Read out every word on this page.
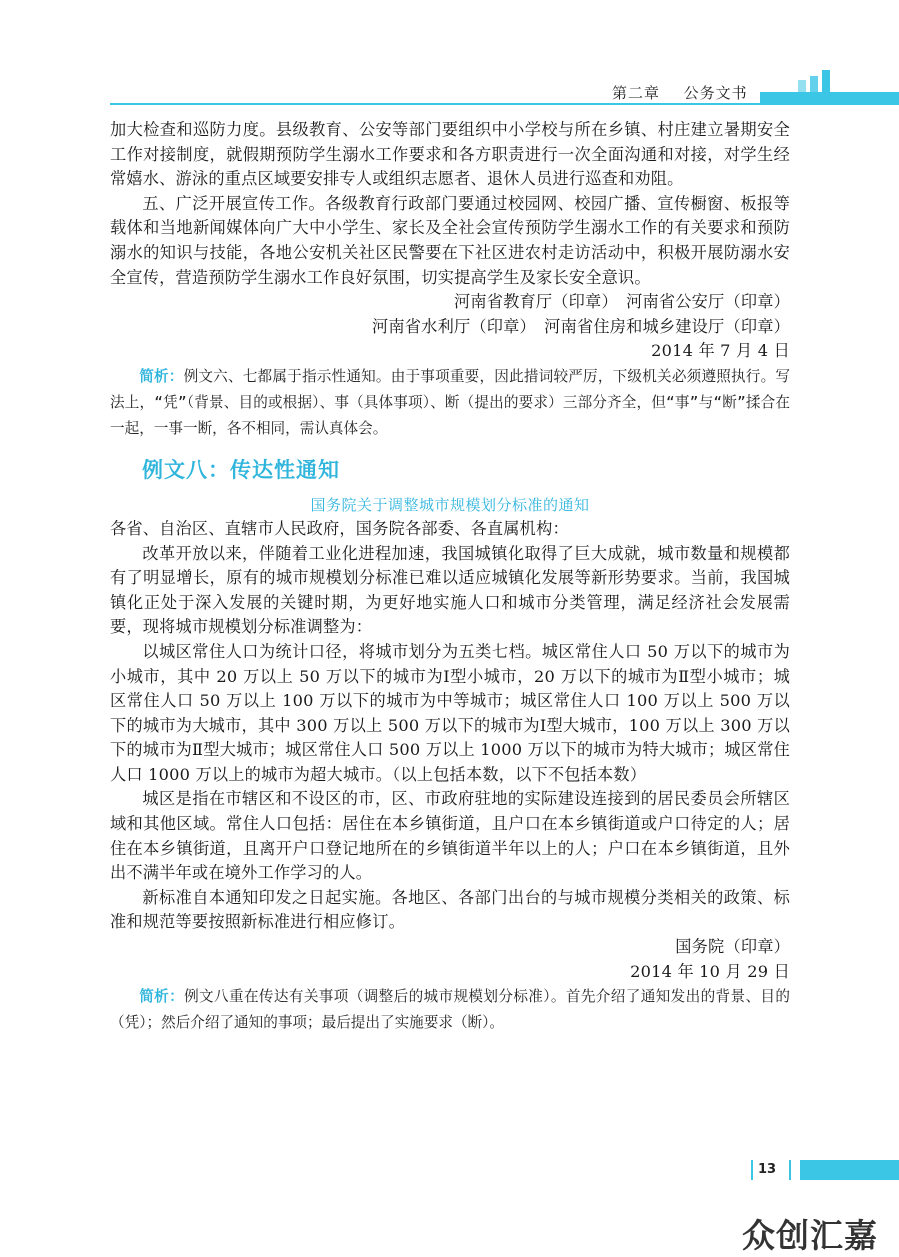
第二章 公务文书

加大检查和巡防力度。县级教育、公安等部门要组织中小学校与所在乡镇、村庄建立暑期安全工作对接制度，就假期预防学生溺水工作要求和各方职责进行一次全面沟通和对接，对学生经常嬉水、游泳的重点区域要安排专人或组织志愿者、退休人员进行巡查和劝阻。

五、广泛开展宣传工作。各级教育行政部门要通过校园网、校园广播、宣传橱窗、板报等载体和当地新闻媒体向广大中小学生、家长及全社会宣传预防学生溺水工作的有关要求和预防溺水的知识与技能，各地公安机关社区民警要在下社区进农村走访活动中，积极开展防溺水安全宣传，营造预防学生溺水工作良好氛围，切实提高学生及家长安全意识。

河南省教育厅（印章）　河南省公安厅（印章）

河南省水利厅（印章）　河南省住房和城乡建设厅（印章）

2014 年 7 月 4 日

简析：例文六、七都属于指示性通知。由于事项重要，因此措词较严厉，下级机关必须遵照执行。写法上，“凭”（背景、目的或根据）、事（具体事项）、断（提出的要求）三部分齐全，但“事”与“断”揉合在一起，一事一断，各不相同，需认真体会。

例文八：传达性通知
国务院关于调整城市规模划分标准的通知

各省、自治区、直辖市人民政府，国务院各部委、各直属机构：

改革开放以来，伴随着工业化进程加速，我国城镇化取得了巨大成就，城市数量和规模都有了明显增长，原有的城市规模划分标准已难以适应城镇化发展等新形势要求。当前，我国城镇化正处于深入发展的关键时期，为更好地实施人口和城市分类管理，满足经济社会发展需要，现将城市规模划分标准调整为：

以城区常住人口为统计口径，将城市划分为五类七档。城区常住人口 50 万以下的城市为小城市，其中 20 万以上 50 万以下的城市为Ⅰ型小城市，20 万以下的城市为Ⅱ型小城市；城区常住人口 50 万以上 100 万以下的城市为中等城市；城区常住人口 100 万以上 500 万以下的城市为大城市，其中 300 万以上 500 万以下的城市为Ⅰ型大城市，100 万以上 300 万以下的城市为Ⅱ型大城市；城区常住人口 500 万以上 1000 万以下的城市为特大城市；城区常住人口 1000 万以上的城市为超大城市。（以上包括本数，以下不包括本数）

城区是指在市辖区和不设区的市，区、市政府驻地的实际建设连接到的居民委员会所辖区域和其他区域。常住人口包括：居住在本乡镇街道，且户口在本乡镇街道或户口待定的人；居住在本乡镇街道，且离开户口登记地所在的乡镇街道半年以上的人；户口在本乡镇街道，且外出不满半年或在境外工作学习的人。

新标准自本通知印发之日起实施。各地区、各部门出台的与城市规模分类相关的政策、标准和规范等要按照新标准进行相应修订。

国务院（印章）

2014 年 10 月 29 日

简析：例文八重在传达有关事项（调整后的城市规模划分标准）。首先介绍了通知发出的背景、目的（凭）；然后介绍了通知的事项；最后提出了实施要求（断）。

13
众创汇嘉
